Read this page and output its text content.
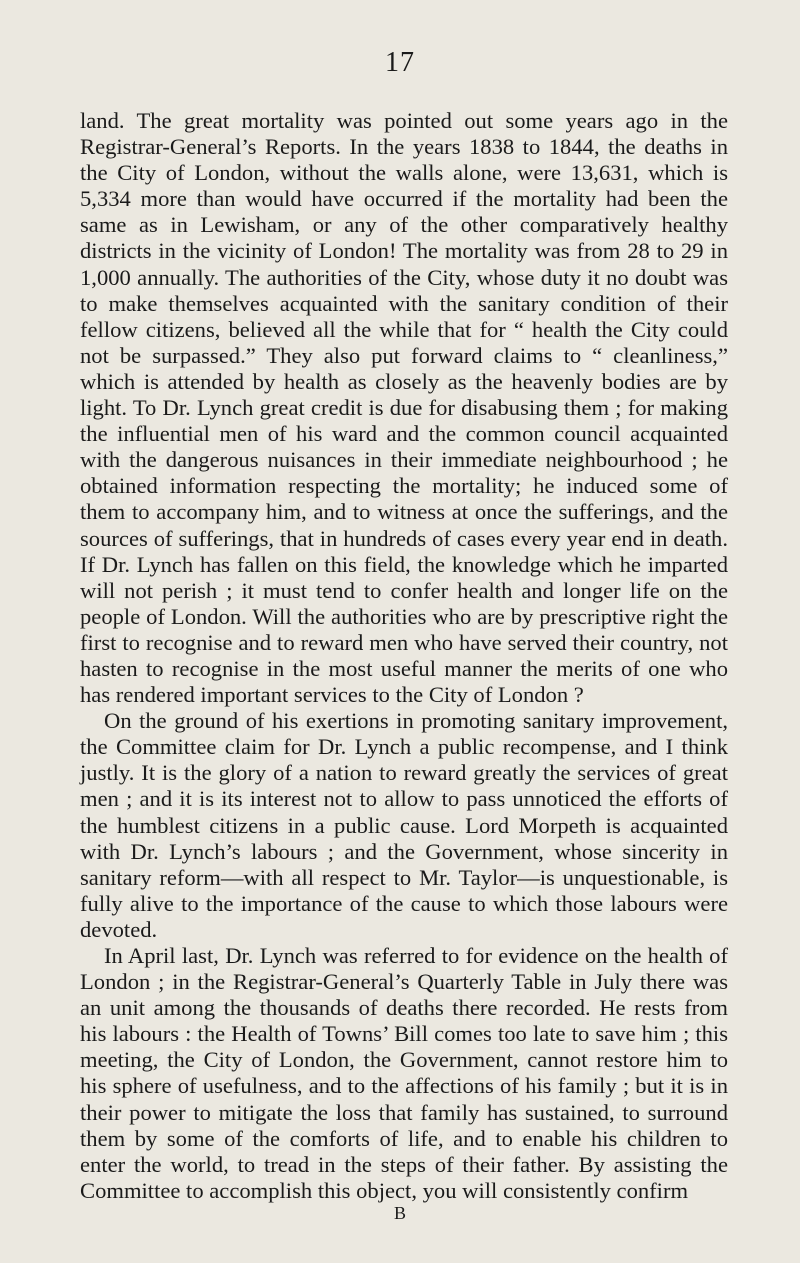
17

land. The great mortality was pointed out some years ago in the Registrar-General’s Reports. In the years 1838 to 1844, the deaths in the City of London, without the walls alone, were 13,631, which is 5,334 more than would have occurred if the mortality had been the same as in Lewisham, or any of the other comparatively healthy districts in the vicinity of London! The mortality was from 28 to 29 in 1,000 annually. The authorities of the City, whose duty it no doubt was to make themselves acquainted with the sanitary condition of their fellow citizens, believed all the while that for “ health the City could not be surpassed.” They also put forward claims to “ cleanliness,” which is attended by health as closely as the heavenly bodies are by light. To Dr. Lynch great credit is due for disabusing them ; for making the influential men of his ward and the common council acquainted with the dangerous nuisances in their immediate neighbourhood ; he obtained information respecting the mortality; he induced some of them to accompany him, and to witness at once the sufferings, and the sources of sufferings, that in hundreds of cases every year end in death. If Dr. Lynch has fallen on this field, the knowledge which he imparted will not perish ; it must tend to confer health and longer life on the people of London. Will the authorities who are by prescriptive right the first to recognise and to reward men who have served their country, not hasten to recognise in the most useful manner the merits of one who has rendered important services to the City of London ?

On the ground of his exertions in promoting sanitary improvement, the Committee claim for Dr. Lynch a public recompense, and I think justly. It is the glory of a nation to reward greatly the services of great men ; and it is its interest not to allow to pass unnoticed the efforts of the humblest citizens in a public cause. Lord Morpeth is acquainted with Dr. Lynch’s labours ; and the Government, whose sincerity in sanitary reform—with all respect to Mr. Taylor—is unquestionable, is fully alive to the importance of the cause to which those labours were devoted.

In April last, Dr. Lynch was referred to for evidence on the health of London ; in the Registrar-General’s Quarterly Table in July there was an unit among the thousands of deaths there recorded. He rests from his labours : the Health of Towns’ Bill comes too late to save him ; this meeting, the City of London, the Government, cannot restore him to his sphere of usefulness, and to the affections of his family ; but it is in their power to mitigate the loss that family has sustained, to surround them by some of the comforts of life, and to enable his children to enter the world, to tread in the steps of their father. By assisting the Committee to accomplish this object, you will consistently confirm

B
